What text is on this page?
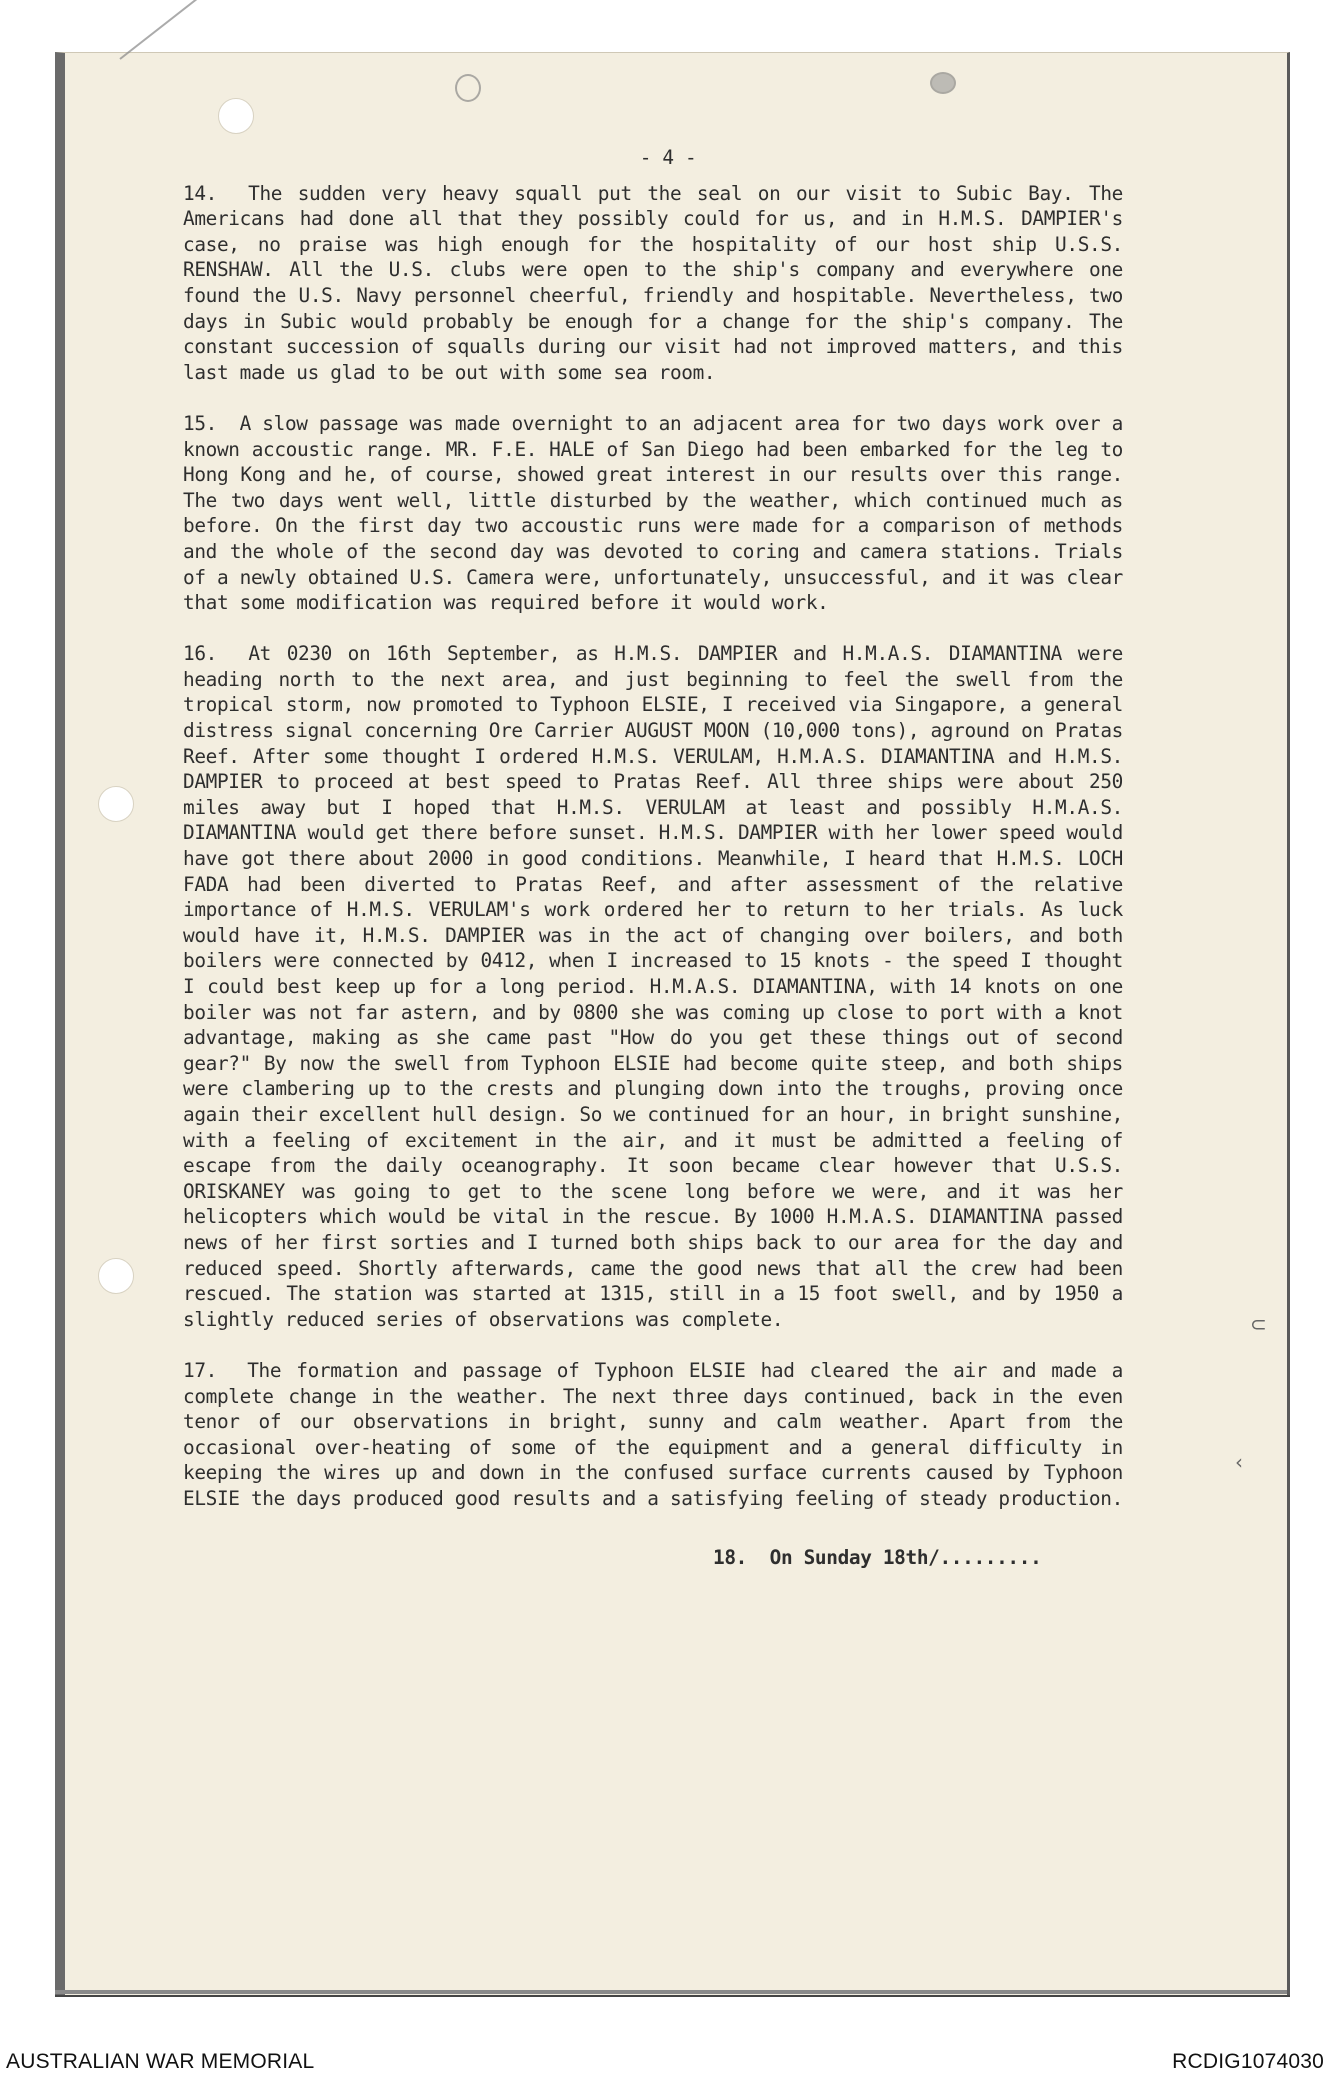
⊂
‹
- 4 -
14. The sudden very heavy squall put the seal on our visit to Subic Bay. The Americans had done all that they possibly could for us, and in H.M.S. DAMPIER's case, no praise was high enough for the hospitality of our host ship U.S.S. RENSHAW. All the U.S. clubs were open to the ship's company and everywhere one found the U.S. Navy personnel cheerful, friendly and hospitable. Nevertheless, two days in Subic would probably be enough for a change for the ship's company. The constant succession of squalls during our visit had not improved matters, and this last made us glad to be out with some sea room.
15. A slow passage was made overnight to an adjacent area for two days work over a known accoustic range. MR. F.E. HALE of San Diego had been embarked for the leg to Hong Kong and he, of course, showed great interest in our results over this range. The two days went well, little disturbed by the weather, which continued much as before. On the first day two accoustic runs were made for a comparison of methods and the whole of the second day was devoted to coring and camera stations. Trials of a newly obtained U.S. Camera were, unfortunately, unsuccessful, and it was clear that some modification was required before it would work.
16. At 0230 on 16th September, as H.M.S. DAMPIER and H.M.A.S. DIAMANTINA were heading north to the next area, and just beginning to feel the swell from the tropical storm, now promoted to Typhoon ELSIE, I received via Singapore, a general distress signal concerning Ore Carrier AUGUST MOON (10,000 tons), aground on Pratas Reef. After some thought I ordered H.M.S. VERULAM, H.M.A.S. DIAMANTINA and H.M.S. DAMPIER to proceed at best speed to Pratas Reef. All three ships were about 250 miles away but I hoped that H.M.S. VERULAM at least and possibly H.M.A.S. DIAMANTINA would get there before sunset. H.M.S. DAMPIER with her lower speed would have got there about 2000 in good conditions. Meanwhile, I heard that H.M.S. LOCH FADA had been diverted to Pratas Reef, and after assessment of the relative importance of H.M.S. VERULAM's work ordered her to return to her trials. As luck would have it, H.M.S. DAMPIER was in the act of changing over boilers, and both boilers were connected by 0412, when I increased to 15 knots - the speed I thought I could best keep up for a long period. H.M.A.S. DIAMANTINA, with 14 knots on one boiler was not far astern, and by 0800 she was coming up close to port with a knot advantage, making as she came past "How do you get these things out of second gear?" By now the swell from Typhoon ELSIE had become quite steep, and both ships were clambering up to the crests and plunging down into the troughs, proving once again their excellent hull design. So we continued for an hour, in bright sunshine, with a feeling of excitement in the air, and it must be admitted a feeling of escape from the daily oceanography. It soon became clear however that U.S.S. ORISKANEY was going to get to the scene long before we were, and it was her helicopters which would be vital in the rescue. By 1000 H.M.A.S. DIAMANTINA passed news of her first sorties and I turned both ships back to our area for the day and reduced speed. Shortly afterwards, came the good news that all the crew had been rescued. The station was started at 1315, still in a 15 foot swell, and by 1950 a slightly reduced series of observations was complete.
17. The formation and passage of Typhoon ELSIE had cleared the air and made a complete change in the weather. The next three days continued, back in the even tenor of our observations in bright, sunny and calm weather. Apart from the occasional over-heating of some of the equipment and a general difficulty in keeping the wires up and down in the confused surface currents caused by Typhoon ELSIE the days produced good results and a satisfying feeling of steady production.
18.  On Sunday 18th/.........
AUSTRALIAN WAR MEMORIAL	RCDIG1074030
